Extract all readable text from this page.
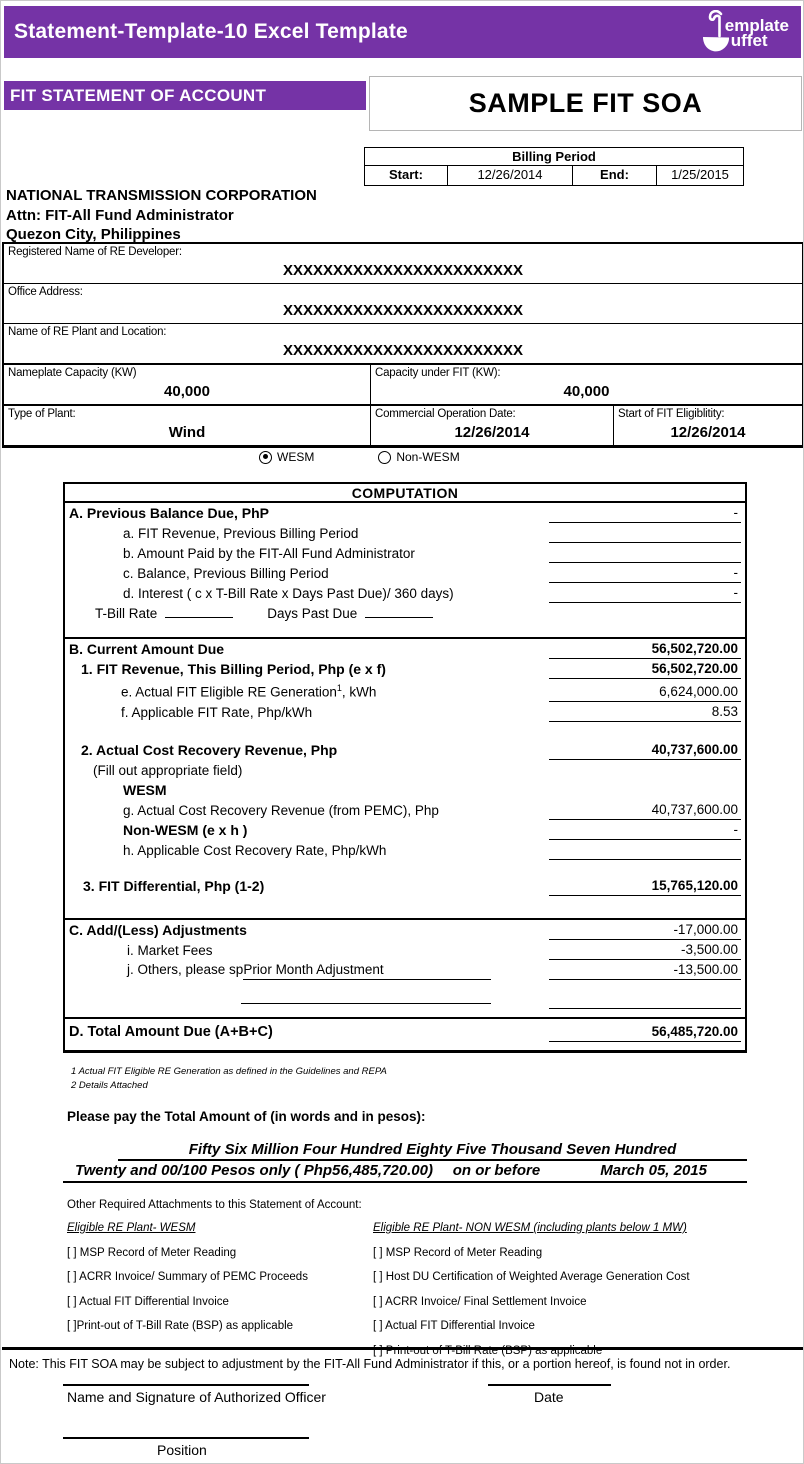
Statement-Template-10 Excel Template	emplate
uffet
FIT STATEMENT OF ACCOUNT	SAMPLE FIT SOA
Billing Period
Start:	12/26/2014	End:	1/25/2015
NATIONAL TRANSMISSION CORPORATION
Attn: FIT-All Fund Administrator
Quezon City, Philippines
Registered Name of RE Developer:
XXXXXXXXXXXXXXXXXXXXXXXX
Office Address:
XXXXXXXXXXXXXXXXXXXXXXXX
Name of RE Plant and Location:
XXXXXXXXXXXXXXXXXXXXXXXX
Nameplate Capacity (KW)
40,000
Capacity under FIT (KW):
40,000
Type of Plant:
Wind
Commercial Operation Date:
12/26/2014
Start of FIT Eligiblitity:
12/26/2014
WESM	Non-WESM
COMPUTATION
A. Previous Balance Due, PhP	-
a. FIT Revenue, Previous Billing Period
b. Amount Paid by the FIT-All Fund Administrator
c. Balance, Previous Billing Period	-
d. Interest ( c x T-Bill Rate x Days Past Due)/ 360 days)	-
T-Bill Rate	Days Past Due
B. Current Amount Due	56,502,720.00
1. FIT Revenue, This Billing Period, Php (e x f)	56,502,720.00
e. Actual FIT Eligible RE Generation$^1$, kWh	6,624,000.00
f. Applicable FIT Rate, Php/kWh	8.53
2. Actual Cost Recovery Revenue, Php	40,737,600.00
(Fill out appropriate field)
WESM
g. Actual Cost Recovery Revenue (from PEMC), Php	40,737,600.00
Non-WESM (e x h )	-
h. Applicable Cost Recovery Rate, Php/kWh
3. FIT Differential, Php (1-2)	15,765,120.00
C. Add/(Less) Adjustments	-17,000.00
i. Market Fees	-3,500.00
j. Others, please spPrior Month Adjustment	-13,500.00
D. Total Amount Due (A+B+C)	56,485,720.00
1 Actual FIT Eligible RE Generation as defined in the Guidelines and REPA
2 Details Attached
Please pay the Total Amount of (in words and in pesos):
Fifty Six Million Four Hundred Eighty Five Thousand Seven Hundred
Twenty and 00/100 Pesos only ( Php56,485,720.00) on or before	March 05, 2015
Other Required Attachments to this Statement of Account:
Eligible RE Plant- WESM
[ ] MSP Record of Meter Reading
[ ] ACRR Invoice/ Summary of PEMC Proceeds
[ ] Actual FIT Differential Invoice
[ ]Print-out of T-Bill Rate (BSP) as applicable
Eligible RE Plant- NON WESM (including plants below 1 MW)
[ ] MSP Record of Meter Reading
[ ] Host DU Certification of Weighted Average Generation Cost
[ ] ACRR Invoice/ Final Settlement Invoice
[ ] Actual FIT Differential Invoice
[ ] Print-out of T-Bill Rate (BSP) as applicable
Note: This FIT SOA may be subject to adjustment by the FIT-All Fund Administrator if this, or a portion hereof, is found not in order.
Name and Signature of Authorized Officer	Date
Position
